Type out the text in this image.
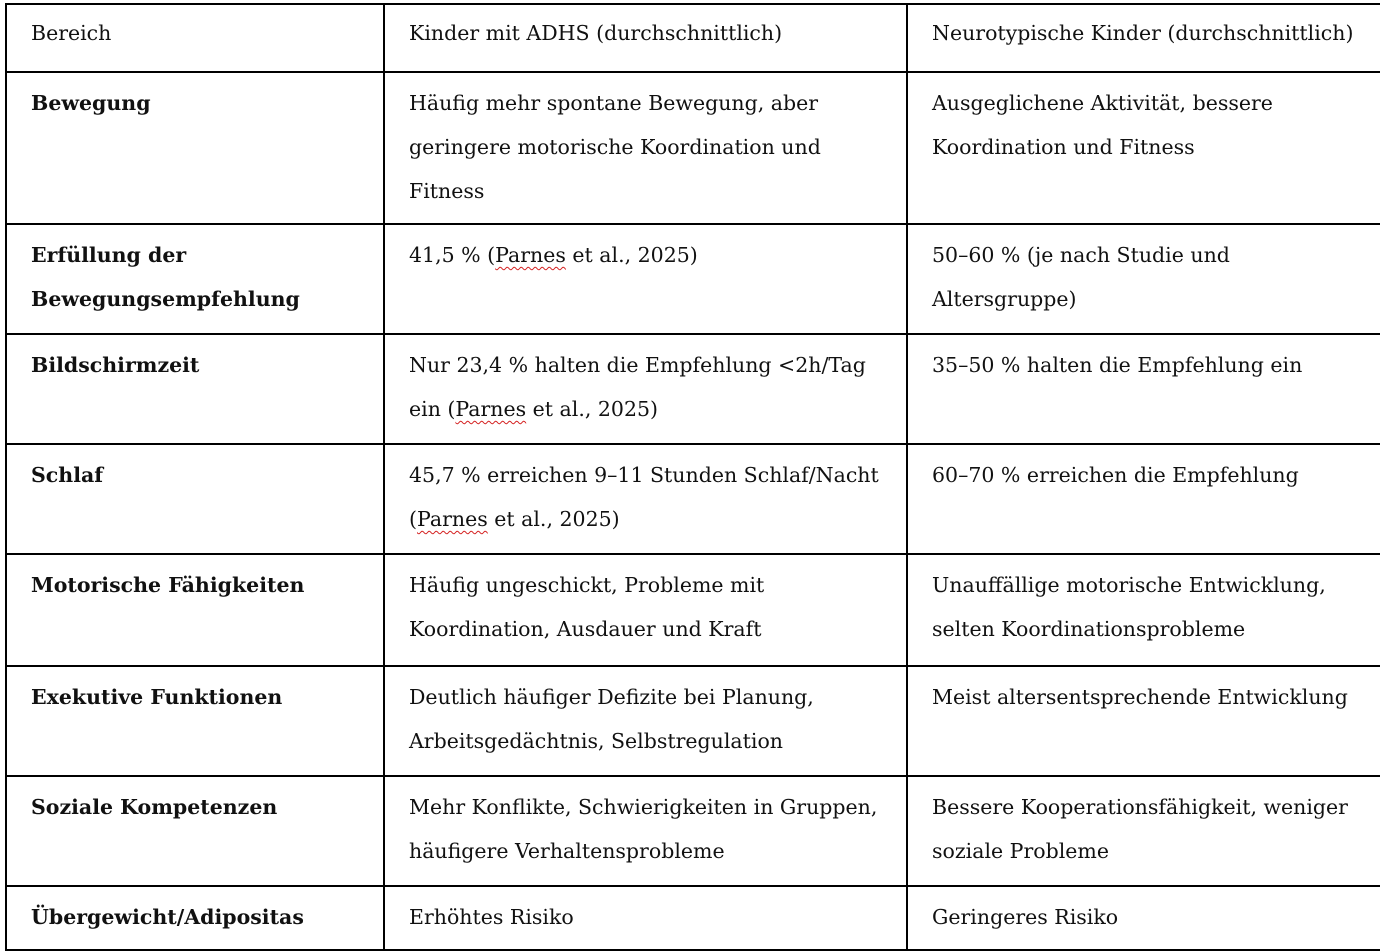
Bereich	Kinder mit ADHS (durchschnittlich)	Neurotypische Kinder (durchschnittlich)
Bewegung	Häufig mehr spontane Bewegung, aber geringere motorische Koordination und Fitness	Ausgeglichene Aktivität, bessere Koordination und Fitness
Erfüllung der Bewegungsempfehlung	41,5 % (Parnes et al., 2025)	50–60 % (je nach Studie und Altersgruppe)
Bildschirmzeit	Nur 23,4 % halten die Empfehlung <2h/Tag ein (Parnes et al., 2025)	35–50 % halten die Empfehlung ein
Schlaf	45,7 % erreichen 9–11 Stunden Schlaf/Nacht (Parnes et al., 2025)	60–70 % erreichen die Empfehlung
Motorische Fähigkeiten	Häufig ungeschickt, Probleme mit Koordination, Ausdauer und Kraft	Unauffällige motorische Entwicklung, selten Koordinationsprobleme
Exekutive Funktionen	Deutlich häufiger Defizite bei Planung, Arbeitsgedächtnis, Selbstregulation	Meist altersentsprechende Entwicklung
Soziale Kompetenzen	Mehr Konflikte, Schwierigkeiten in Gruppen, häufigere Verhaltensprobleme	Bessere Kooperationsfähigkeit, weniger soziale Probleme
Übergewicht/Adipositas	Erhöhtes Risiko	Geringeres Risiko
